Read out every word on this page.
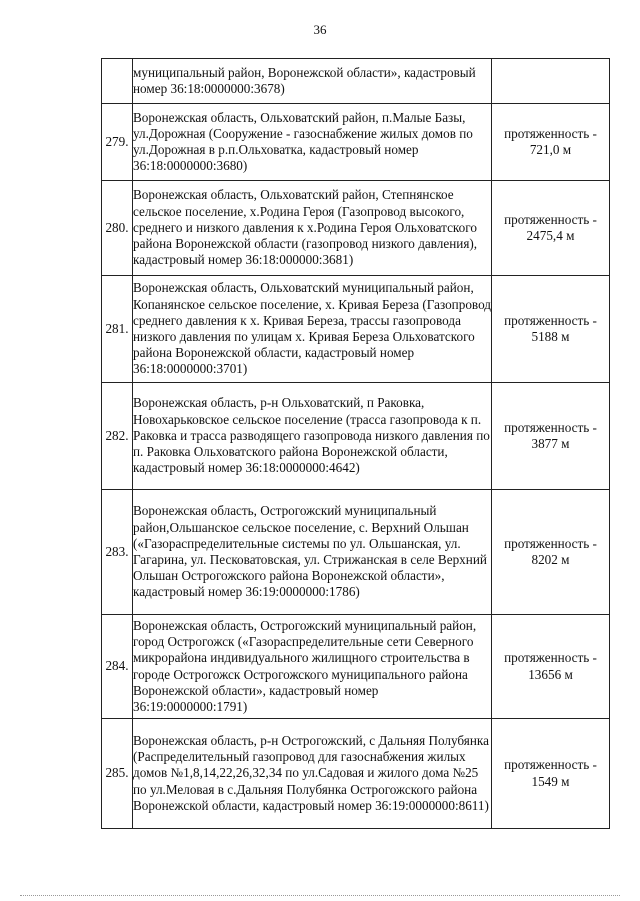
36
	муниципальный район, Воронежской области», кадастровый номер 36:18:0000000:3678)	

279.	Воронежская область, Ольховатский район, п.Малые Базы, ул.Дорожная (Сооружение - газоснабжение жилых домов по ул.Дорожная в р.п.Ольховатка, кадастровый номер 36:18:0000000:3680)	протяженность -
721,0 м

280.	Воронежская область, Ольховатский район, Степнянское сельское поселение, х.Родина Героя (Газопровод высокого, среднего и низкого давления к х.Родина Героя Ольховатского района Воронежской области (газопровод низкого давления), кадастровый номер 36:18:000000:3681)	протяженность -
2475,4 м

281.	Воронежская область, Ольховатский муниципальный район, Копанянское сельское поселение, х. Кривая Береза (Газопровод среднего давления к х. Кривая Береза, трассы газопровода низкого давления по улицам х. Кривая Береза Ольховатского района Воронежской области, кадастровый номер 36:18:0000000:3701)	протяженность -
5188 м

282.	Воронежская область, р-н Ольховатский, п Раковка, Новохарьковское сельское поселение (трасса газопровода к п. Раковка и трасса разводящего газопровода низкого давления по п. Раковка Ольховатского района Воронежской области, кадастровый номер 36:18:0000000:4642)	протяженность -
3877 м

283.	Воронежская область, Острогожский муниципальный район,Ольшанское сельское поселение, с. Верхний Ольшан («Газораспределительные системы по ул. Ольшанская, ул. Гагарина, ул. Песковатовская, ул. Стрижанская в селе Верхний Ольшан Острогожского района Воронежской области», кадастровый номер 36:19:0000000:1786)	протяженность -
8202 м

284.	Воронежская область, Острогожский муниципальный район, город Острогожск («Газораспределительные сети Северного микрорайона индивидуального жилищного строительства в городе Острогожск Острогожского муниципального района Воронежской области», кадастровый номер 36:19:0000000:1791)	протяженность -
13656 м

285.	Воронежская область, р-н Острогожский, с Дальняя Полубянка (Распределительный газопровод для газоснабжения жилых домов №1,8,14,22,26,32,34 по ул.Садовая и жилого дома №25 по ул.Меловая в с.Дальняя Полубянка Острогожского района Воронежской области, кадастровый номер 36:19:0000000:8611)	протяженность -
1549 м
